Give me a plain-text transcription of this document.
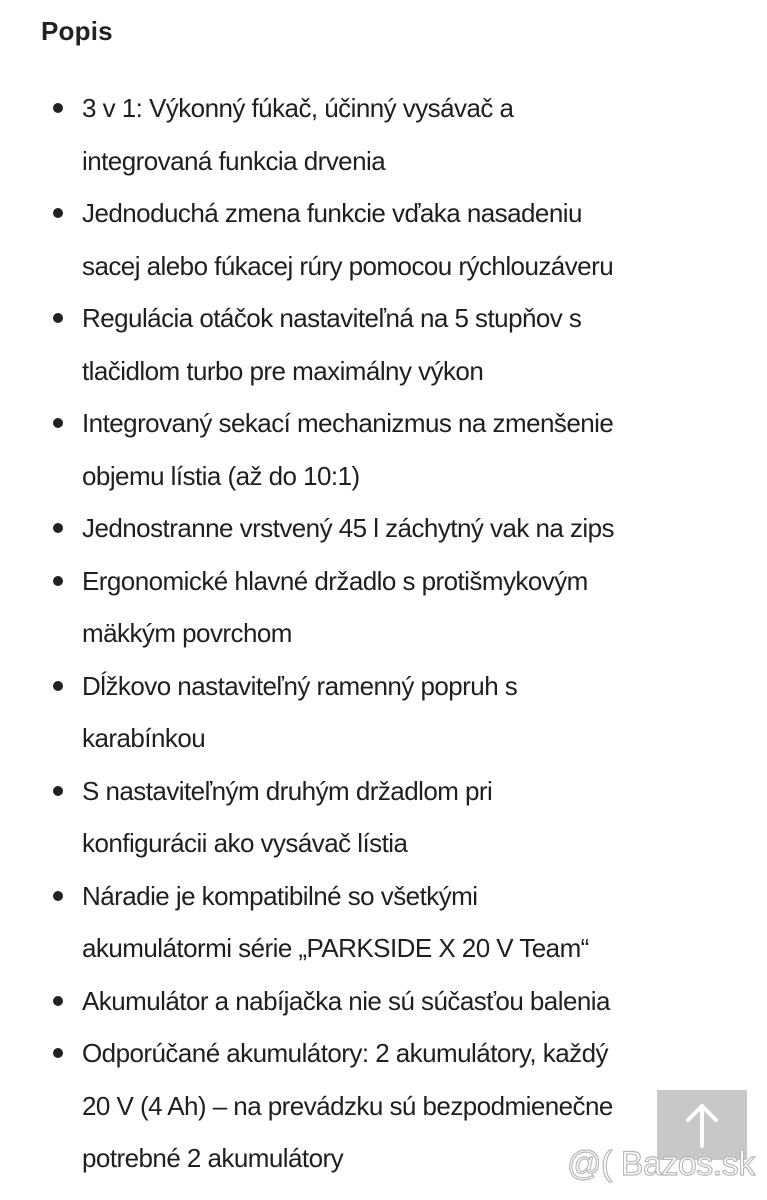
Popis
3 v 1: Výkonný fúkač, účinný vysávač a
integrovaná funkcia drvenia
Jednoduchá zmena funkcie vďaka nasadeniu
sacej alebo fúkacej rúry pomocou rýchlouzáveru
Regulácia otáčok nastaviteľná na 5 stupňov s
tlačidlom turbo pre maximálny výkon
Integrovaný sekací mechanizmus na zmenšenie
objemu lístia (až do 10:1)
Jednostranne vrstvený 45 l záchytný vak na zips
Ergonomické hlavné držadlo s protišmykovým
mäkkým povrchom
Dĺžkovo nastaviteľný ramenný popruh s
karabínkou
S nastaviteľným druhým držadlom pri
konfigurácii ako vysávač lístia
Náradie je kompatibilné so všetkými
akumulátormi série „PARKSIDE X 20 V Team“
Akumulátor a nabíjačka nie sú súčasťou balenia
Odporúčané akumulátory: 2 akumulátory, každý
20 V (4 Ah) – na prevádzku sú bezpodmienečne
potrebné 2 akumulátory	@( Bazos.sk
